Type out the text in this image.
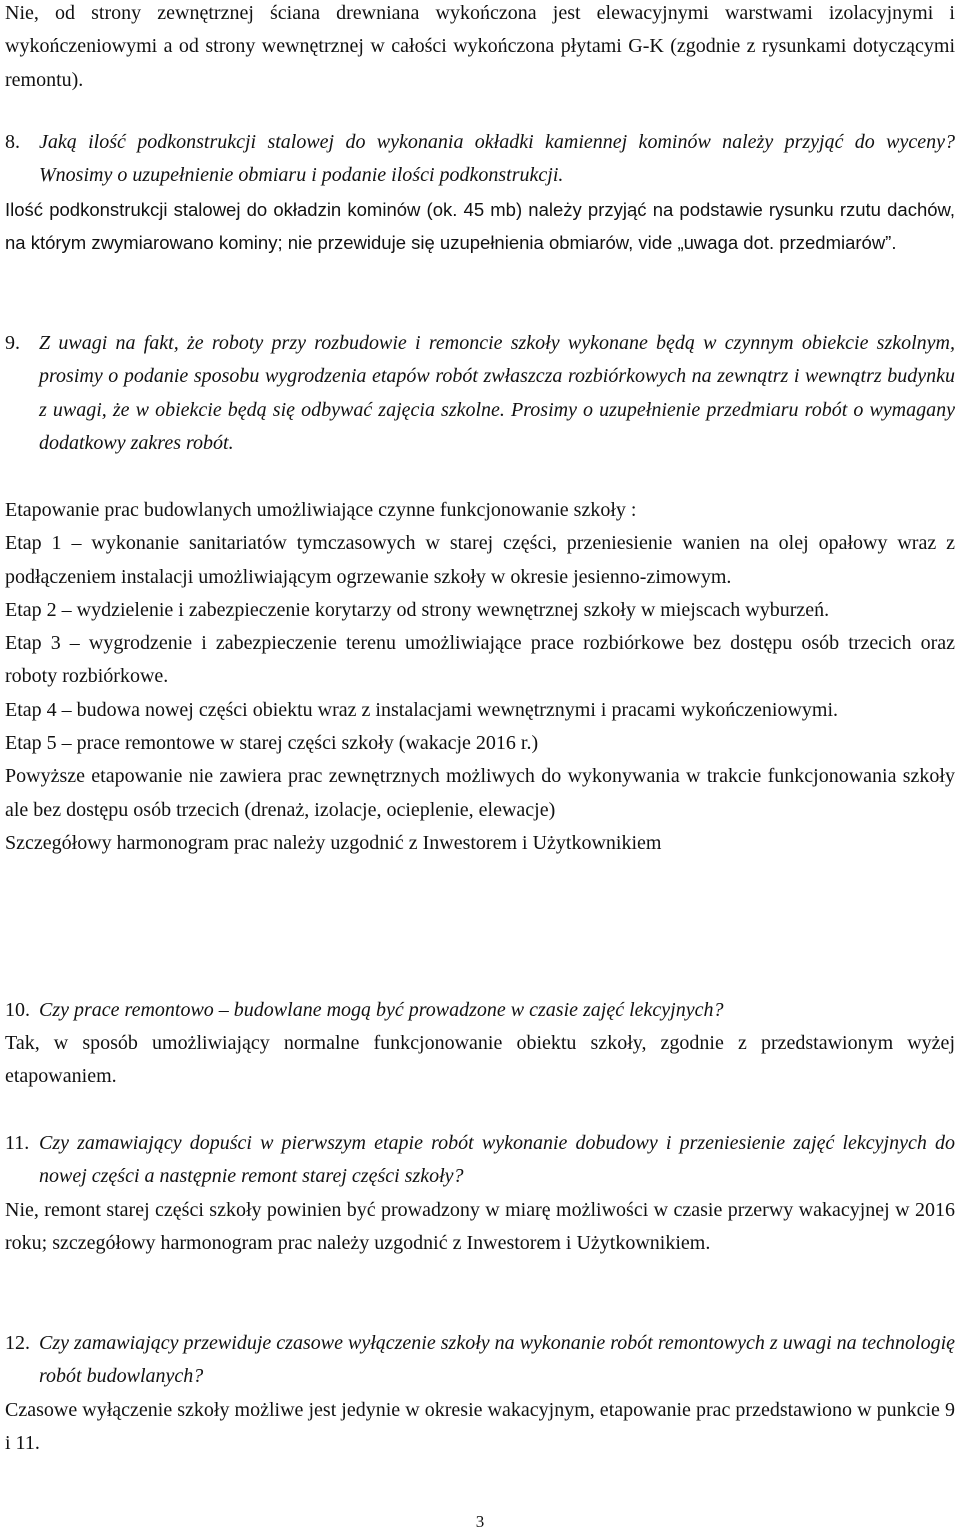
Nie, od strony zewnętrznej ściana drewniana wykończona jest elewacyjnymi warstwami izolacyjnymi i wykończeniowymi a od strony wewnętrznej w całości wykończona płytami G-K (zgodnie z rysunkami dotyczącymi remontu).

8. Jaką ilość podkonstrukcji stalowej do wykonania okładki kamiennej kominów należy przyjąć do wyceny? Wnosimy o uzupełnienie obmiaru i podanie ilości podkonstrukcji.

Ilość podkonstrukcji stalowej do okładzin kominów (ok. 45 mb) należy przyjąć na podstawie rysunku rzutu dachów, na którym zwymiarowano kominy; nie przewiduje się uzupełnienia obmiarów, vide „uwaga dot. przedmiarów”.

9. Z uwagi na fakt, że roboty przy rozbudowie i remoncie szkoły wykonane będą w czynnym obiekcie szkolnym, prosimy o podanie sposobu wygrodzenia etapów robót zwłaszcza rozbiórkowych na zewnątrz i wewnątrz budynku z uwagi, że w obiekcie będą się odbywać zajęcia szkolne. Prosimy o uzupełnienie przedmiaru robót o wymagany dodatkowy zakres robót.
Etapowanie prac budowlanych umożliwiające czynne funkcjonowanie szkoły :
Etap 1 – wykonanie sanitariatów tymczasowych w starej części, przeniesienie wanien na olej opałowy wraz z podłączeniem instalacji umożliwiającym ogrzewanie szkoły w okresie jesienno-zimowym.
Etap 2 – wydzielenie i zabezpieczenie korytarzy od strony wewnętrznej szkoły w miejscach wyburzeń.
Etap 3 – wygrodzenie i zabezpieczenie terenu umożliwiające prace rozbiórkowe bez dostępu osób trzecich oraz roboty rozbiórkowe.
Etap 4 – budowa nowej części obiektu wraz z instalacjami wewnętrznymi i pracami wykończeniowymi.
Etap 5 – prace remontowe w starej części szkoły (wakacje 2016 r.)
Powyższe etapowanie nie zawiera prac zewnętrznych możliwych do wykonywania w trakcie funkcjonowania szkoły ale bez dostępu osób trzecich (drenaż, izolacje, ocieplenie, elewacje)
Szczegółowy harmonogram prac należy uzgodnić z Inwestorem i Użytkownikiem
10. Czy prace remontowo – budowlane mogą być prowadzone w czasie zajęć lekcyjnych?

Tak, w sposób umożliwiający normalne funkcjonowanie obiektu szkoły, zgodnie z przedstawionym wyżej etapowaniem.

11. Czy zamawiający dopuści w pierwszym etapie robót wykonanie dobudowy i przeniesienie zajęć lekcyjnych do nowej części a następnie remont starej części szkoły?

Nie, remont starej części szkoły powinien być prowadzony w miarę możliwości w czasie przerwy wakacyjnej w 2016 roku; szczegółowy harmonogram prac należy uzgodnić z Inwestorem i Użytkownikiem.

12. Czy zamawiający przewiduje czasowe wyłączenie szkoły na wykonanie robót remontowych z uwagi na technologię robót budowlanych?

Czasowe wyłączenie szkoły możliwe jest jedynie w okresie wakacyjnym, etapowanie prac przedstawiono w punkcie 9 i 11.

3
